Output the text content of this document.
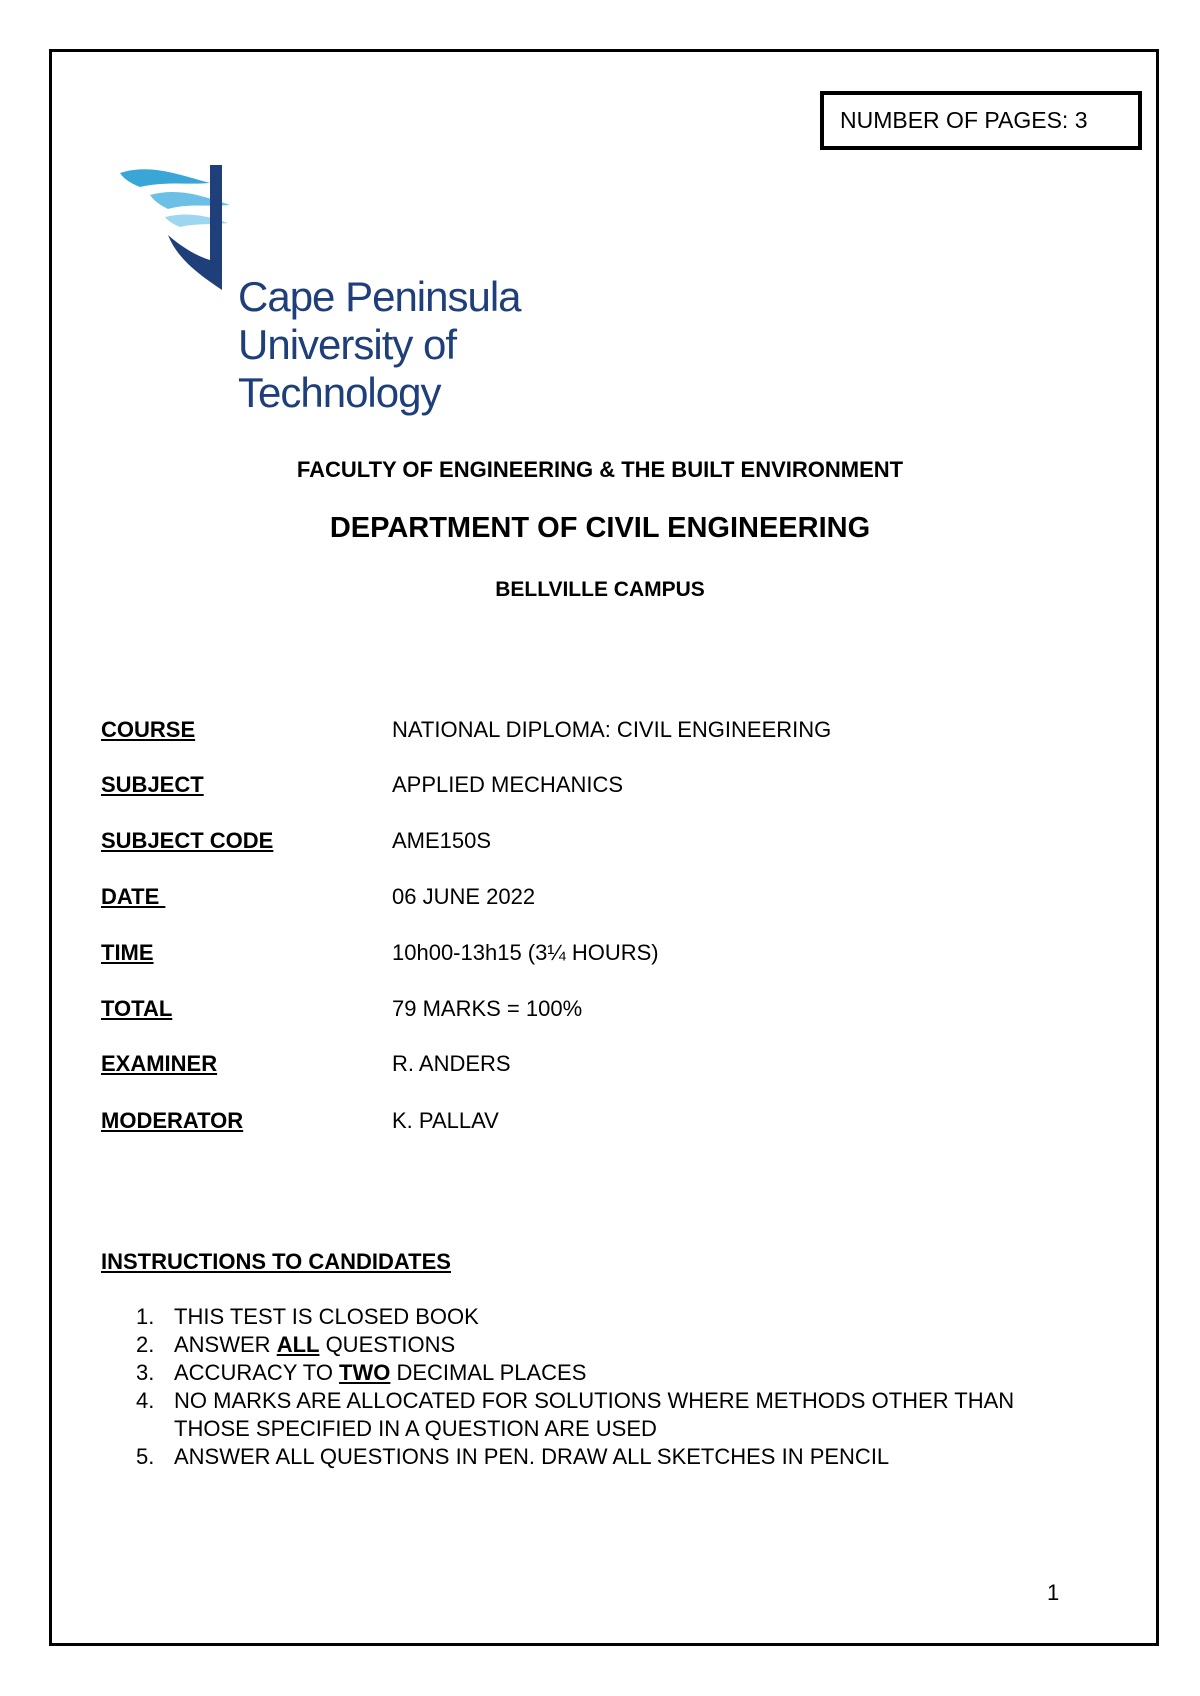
NUMBER OF PAGES: 3
Cape Peninsula
University of Technology
FACULTY OF ENGINEERING & THE BUILT ENVIRONMENT
DEPARTMENT OF CIVIL ENGINEERING
BELLVILLE CAMPUS
COURSE	NATIONAL DIPLOMA: CIVIL ENGINEERING
SUBJECT	APPLIED MECHANICS
SUBJECT CODE	AME150S
DATE	06 JUNE 2022
TIME	10h00-13h15 (3¼ HOURS)
TOTAL	79 MARKS = 100%
EXAMINER	R. ANDERS
MODERATOR	K. PALLAV
INSTRUCTIONS TO CANDIDATES
1. THIS TEST IS CLOSED BOOK
2. ANSWER ALL QUESTIONS
3. ACCURACY TO TWO DECIMAL PLACES
4. NO MARKS ARE ALLOCATED FOR SOLUTIONS WHERE METHODS OTHER THAN THOSE SPECIFIED IN A QUESTION ARE USED
5. ANSWER ALL QUESTIONS IN PEN. DRAW ALL SKETCHES IN PENCIL
1
